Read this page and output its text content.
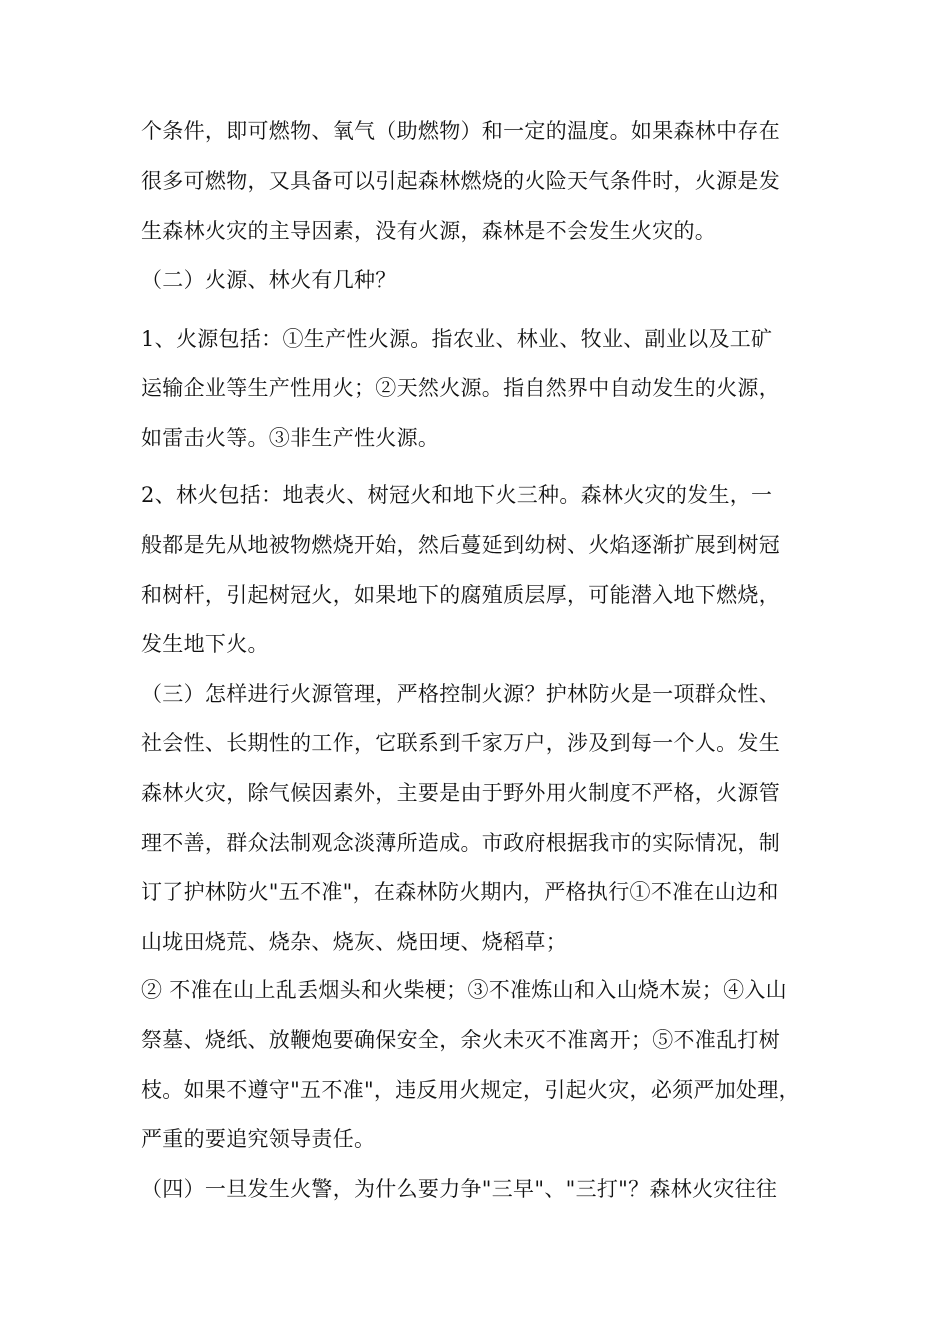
个条件，即可燃物、氧气（助燃物）和一定的温度。如果森林中存在
很多可燃物，又具备可以引起森林燃烧的火险天气条件时，火源是发
生森林火灾的主导因素，没有火源，森林是不会发生火灾的。
（二）火源、林火有几种？
1、火源包括：①生产性火源。指农业、林业、牧业、副业以及工矿
运输企业等生产性用火；②天然火源。指自然界中自动发生的火源，
如雷击火等。③非生产性火源。
2、林火包括：地表火、树冠火和地下火三种。森林火灾的发生，一
般都是先从地被物燃烧开始，然后蔓延到幼树、火焰逐渐扩展到树冠
和树杆，引起树冠火，如果地下的腐殖质层厚，可能潜入地下燃烧，
发生地下火。
（三）怎样进行火源管理，严格控制火源？护林防火是一项群众性、
社会性、长期性的工作，它联系到千家万户，涉及到每一个人。发生
森林火灾，除气候因素外，主要是由于野外用火制度不严格，火源管
理不善，群众法制观念淡薄所造成。市政府根据我市的实际情况，制
订了护林防火"五不准"，在森林防火期内，严格执行①不准在山边和
山垅田烧荒、烧杂、烧灰、烧田埂、烧稻草；
② 不准在山上乱丢烟头和火柴梗；③不准炼山和入山烧木炭；④入山
祭墓、烧纸、放鞭炮要确保安全，余火未灭不准离开；⑤不准乱打树
枝。如果不遵守"五不准"，违反用火规定，引起火灾，必须严加处理，
严重的要追究领导责任。
（四）一旦发生火警，为什么要力争"三早"、"三打"？森林火灾往往
